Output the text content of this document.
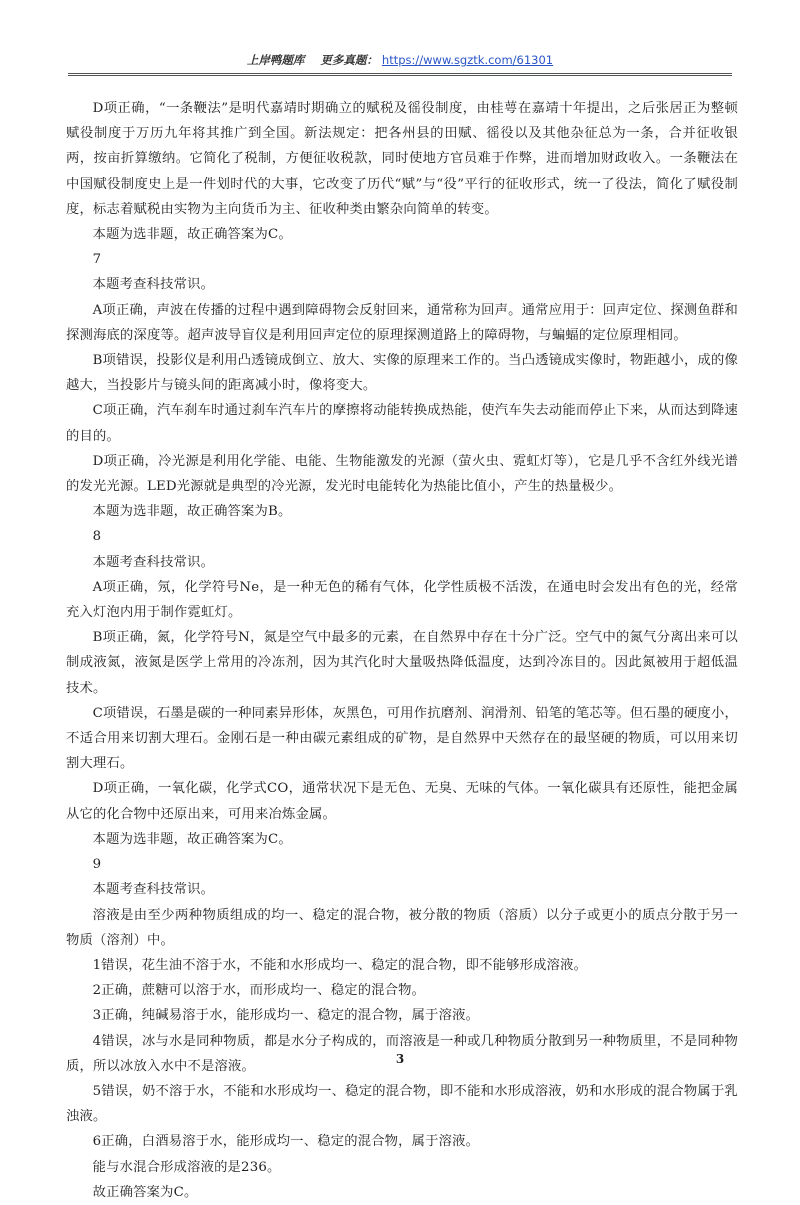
上岸鸭题库 更多真题： https://www.sgztk.com/61301

D项正确，“一条鞭法”是明代嘉靖时期确立的赋税及徭役制度，由桂萼在嘉靖十年提出，之后张居正为整顿赋役制度于万历九年将其推广到全国。新法规定：把各州县的田赋、徭役以及其他杂征总为一条，合并征收银两，按亩折算缴纳。它简化了税制，方便征收税款，同时使地方官员难于作弊，进而增加财政收入。一条鞭法在中国赋役制度史上是一件划时代的大事，它改变了历代“赋”与“役”平行的征收形式，统一了役法，简化了赋役制度，标志着赋税由实物为主向货币为主、征收种类由繁杂向简单的转变。

本题为选非题，故正确答案为C。

7

本题考查科技常识。

A项正确，声波在传播的过程中遇到障碍物会反射回来，通常称为回声。通常应用于：回声定位、探测鱼群和探测海底的深度等。超声波导盲仪是利用回声定位的原理探测道路上的障碍物，与蝙蝠的定位原理相同。

B项错误，投影仪是利用凸透镜成倒立、放大、实像的原理来工作的。当凸透镜成实像时，物距越小，成的像越大，当投影片与镜头间的距离减小时，像将变大。

C项正确，汽车刹车时通过刹车汽车片的摩擦将动能转换成热能，使汽车失去动能而停止下来，从而达到降速的目的。

D项正确，冷光源是利用化学能、电能、生物能激发的光源（萤火虫、霓虹灯等），它是几乎不含红外线光谱的发光光源。LED光源就是典型的冷光源，发光时电能转化为热能比值小，产生的热量极少。

本题为选非题，故正确答案为B。

8

本题考查科技常识。

A项正确，氖，化学符号Ne，是一种无色的稀有气体，化学性质极不活泼，在通电时会发出有色的光，经常充入灯泡内用于制作霓虹灯。

B项正确，氮，化学符号N，氮是空气中最多的元素，在自然界中存在十分广泛。空气中的氮气分离出来可以制成液氮，液氮是医学上常用的冷冻剂，因为其汽化时大量吸热降低温度，达到冷冻目的。因此氮被用于超低温技术。

C项错误，石墨是碳的一种同素异形体，灰黑色，可用作抗磨剂、润滑剂、铅笔的笔芯等。但石墨的硬度小，不适合用来切割大理石。金刚石是一种由碳元素组成的矿物，是自然界中天然存在的最坚硬的物质，可以用来切割大理石。

D项正确，一氧化碳，化学式CO，通常状况下是无色、无臭、无味的气体。一氧化碳具有还原性，能把金属从它的化合物中还原出来，可用来冶炼金属。

本题为选非题，故正确答案为C。

9

本题考查科技常识。

溶液是由至少两种物质组成的均一、稳定的混合物，被分散的物质（溶质）以分子或更小的质点分散于另一物质（溶剂）中。

1错误，花生油不溶于水，不能和水形成均一、稳定的混合物，即不能够形成溶液。

2正确，蔗糖可以溶于水，而形成均一、稳定的混合物。

3正确，纯碱易溶于水，能形成均一、稳定的混合物，属于溶液。

4错误，冰与水是同种物质，都是水分子构成的，而溶液是一种或几种物质分散到另一种物质里，不是同种物质，所以冰放入水中不是溶液。

5错误，奶不溶于水，不能和水形成均一、稳定的混合物，即不能和水形成溶液，奶和水形成的混合物属于乳浊液。

6正确，白酒易溶于水，能形成均一、稳定的混合物，属于溶液。

能与水混合形成溶液的是236。

故正确答案为C。

3
